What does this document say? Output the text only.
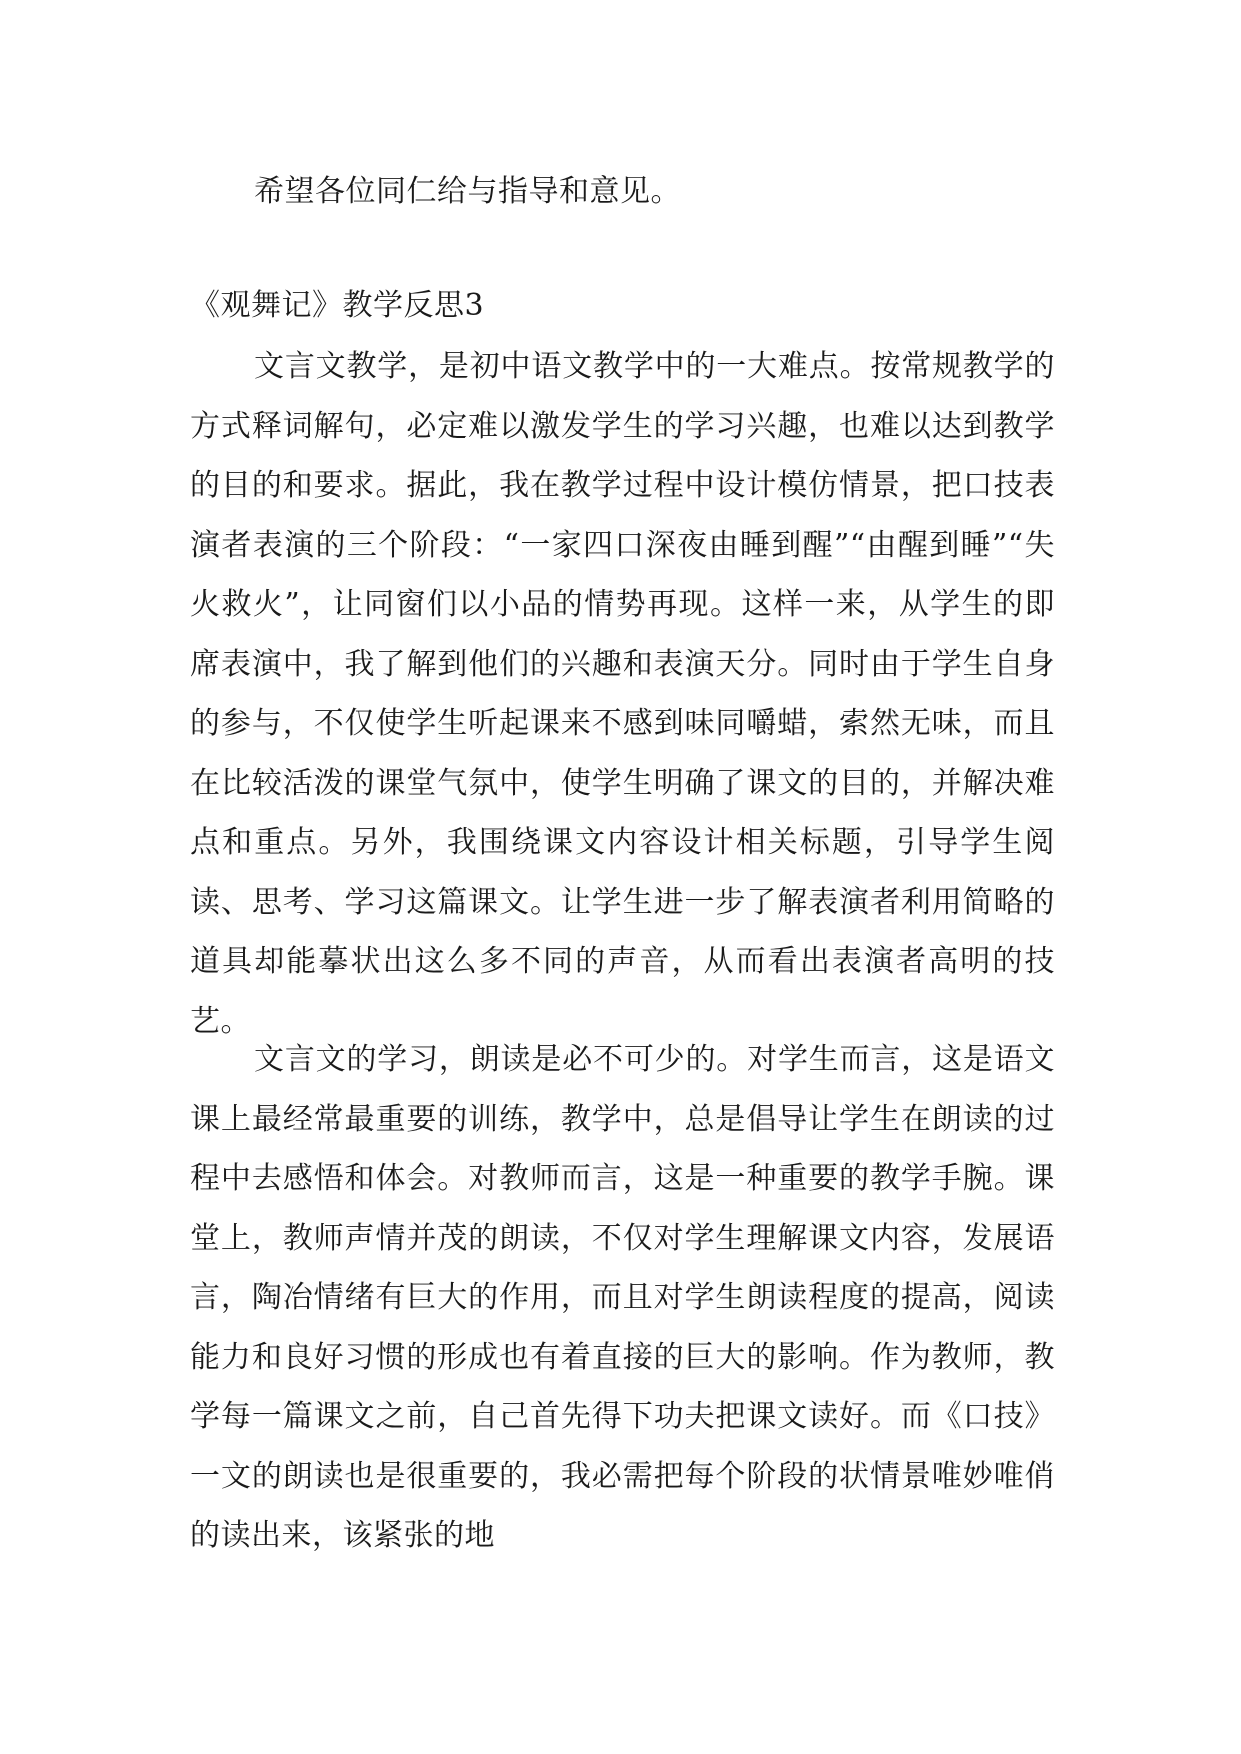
希望各位同仁给与指导和意见。

《观舞记》教学反思3

文言文教学，是初中语文教学中的一大难点。按常规教学的方式释词解句，必定难以激发学生的学习兴趣，也难以达到教学的目的和要求。据此，我在教学过程中设计模仿情景，把口技表演者表演的三个阶段：“一家四口深夜由睡到醒”“由醒到睡”“失火救火”，让同窗们以小品的情势再现。这样一来，从学生的即席表演中，我了解到他们的兴趣和表演天分。同时由于学生自身的参与，不仅使学生听起课来不感到味同嚼蜡，索然无味，而且在比较活泼的课堂气氛中，使学生明确了课文的目的，并解决难点和重点。另外，我围绕课文内容设计相关标题，引导学生阅读、思考、学习这篇课文。让学生进一步了解表演者利用简略的道具却能摹状出这么多不同的声音，从而看出表演者高明的技艺。

文言文的学习，朗读是必不可少的。对学生而言，这是语文课上最经常最重要的训练，教学中，总是倡导让学生在朗读的过程中去感悟和体会。对教师而言，这是一种重要的教学手腕。课堂上，教师声情并茂的朗读，不仅对学生理解课文内容，发展语言，陶冶情绪有巨大的作用，而且对学生朗读程度的提高，阅读能力和良好习惯的形成也有着直接的巨大的影响。作为教师，教学每一篇课文之前，自己首先得下功夫把课文读好。而《口技》一文的朗读也是很重要的，我必需把每个阶段的状情景唯妙唯俏的读出来，该紧张的地
